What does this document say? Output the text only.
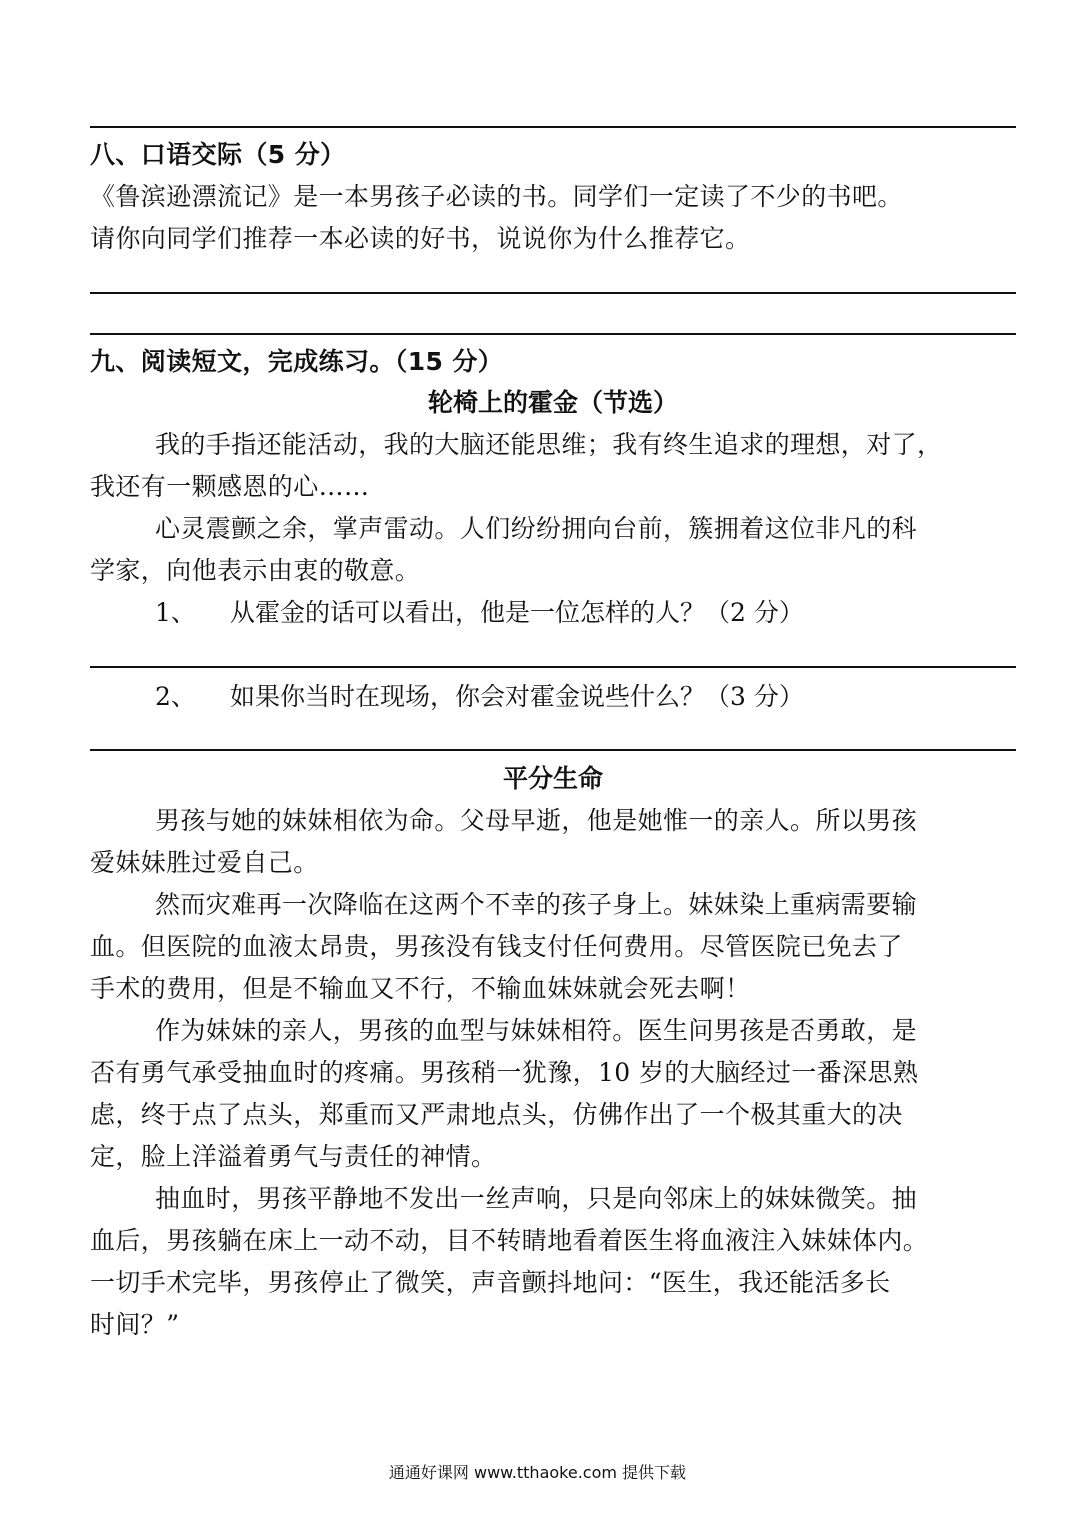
八、口语交际（5 分）
《鲁滨逊漂流记》是一本男孩子必读的书。同学们一定读了不少的书吧。
请你向同学们推荐一本必读的好书，说说你为什么推荐它。
九、阅读短文，完成练习。（15 分）
轮椅上的霍金（节选）
我的手指还能活动，我的大脑还能思维；我有终生追求的理想，对了，
我还有一颗感恩的心……
心灵震颤之余，掌声雷动。人们纷纷拥向台前，簇拥着这位非凡的科
学家，向他表示由衷的敬意。
1、 从霍金的话可以看出，他是一位怎样的人？（2 分）
2、 如果你当时在现场，你会对霍金说些什么？（3 分）
平分生命
男孩与她的妹妹相依为命。父母早逝，他是她惟一的亲人。所以男孩
爱妹妹胜过爱自己。
然而灾难再一次降临在这两个不幸的孩子身上。妹妹染上重病需要输
血。但医院的血液太昂贵，男孩没有钱支付任何费用。尽管医院已免去了
手术的费用，但是不输血又不行，不输血妹妹就会死去啊！
作为妹妹的亲人，男孩的血型与妹妹相符。医生问男孩是否勇敢，是
否有勇气承受抽血时的疼痛。男孩稍一犹豫，10 岁的大脑经过一番深思熟
虑，终于点了点头，郑重而又严肃地点头，仿佛作出了一个极其重大的决
定，脸上洋溢着勇气与责任的神情。
抽血时，男孩平静地不发出一丝声响，只是向邻床上的妹妹微笑。抽
血后，男孩躺在床上一动不动，目不转睛地看着医生将血液注入妹妹体内。
一切手术完毕，男孩停止了微笑，声音颤抖地问：“医生，我还能活多长
时间？”
通通好课网 www.tthaoke.com 提供下载
